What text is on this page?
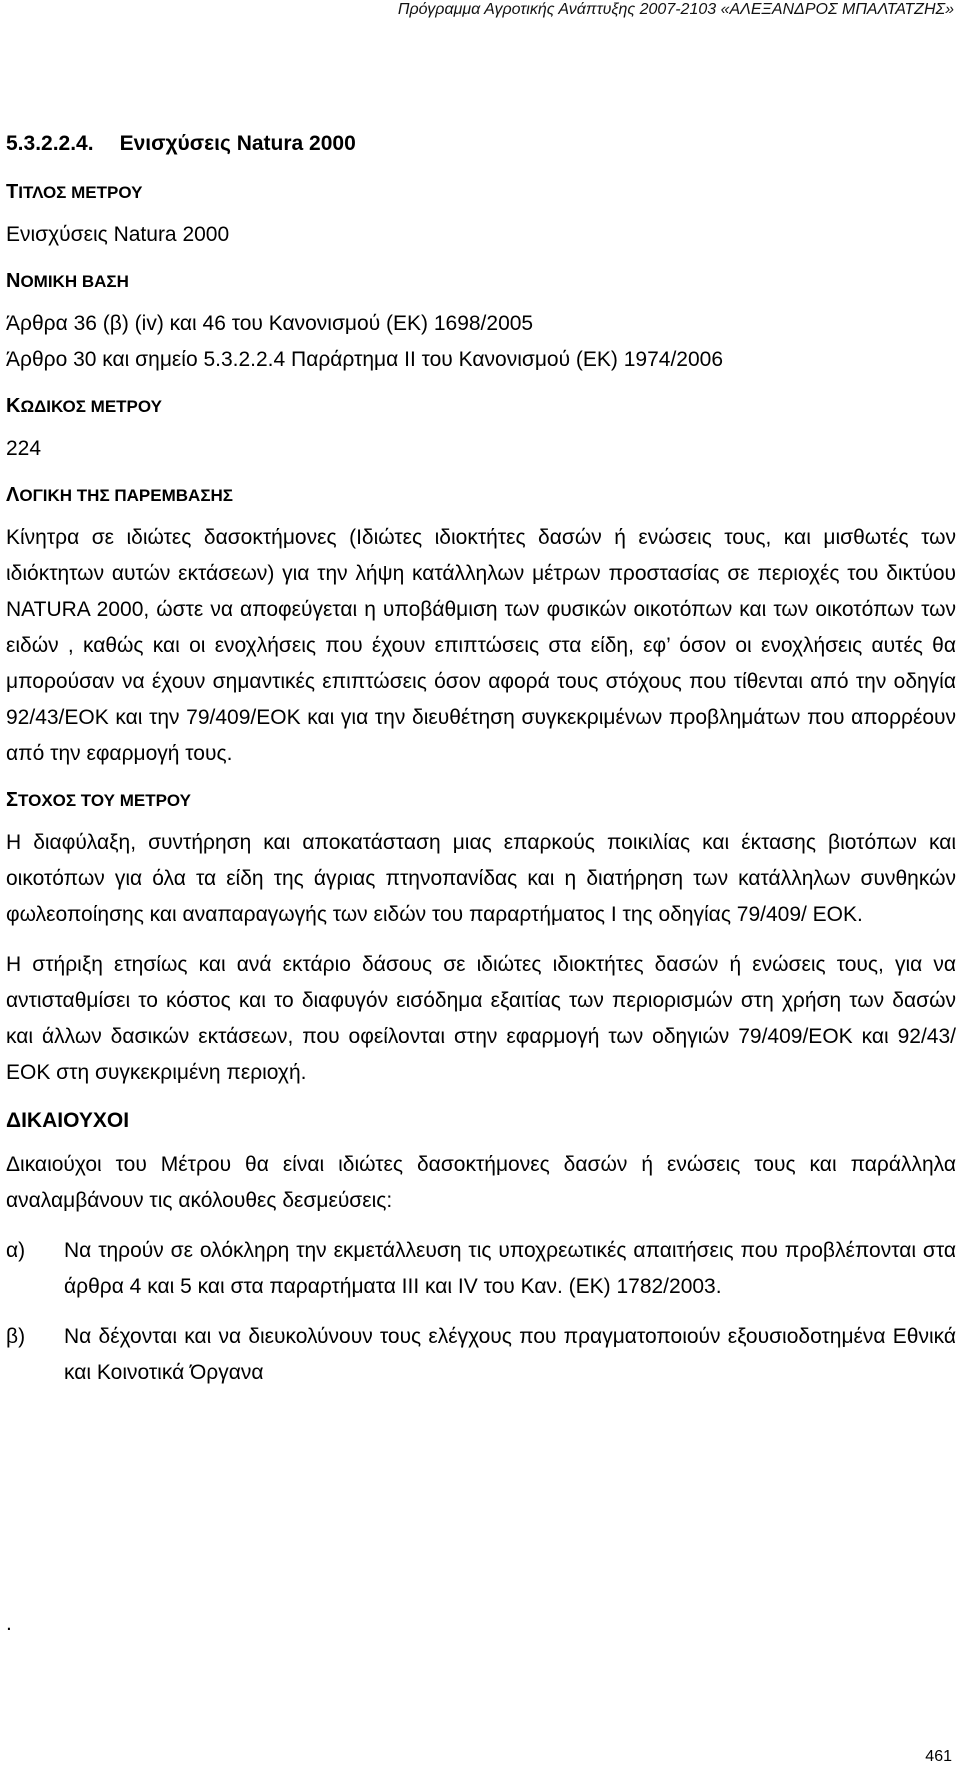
Πρόγραμμα Αγροτικής Ανάπτυξης 2007-2103 «ΑΛΕΞΑΝΔΡΟΣ ΜΠΑΛΤΑΤΖΗΣ»
5.3.2.2.4. Ενισχύσεις Natura 2000
ΤΙΤΛΟΣ ΜΕΤΡΟΥ
Ενισχύσεις Natura 2000
ΝΟΜΙΚΗ ΒΑΣΗ
Άρθρα 36 (β) (iv) και 46 του Κανονισμού (ΕΚ) 1698/2005
Άρθρο 30 και σημείο 5.3.2.2.4 Παράρτημα ΙΙ του Κανονισμού (ΕΚ) 1974/2006
ΚΩΔΙΚΟΣ ΜΕΤΡΟΥ
224
ΛΟΓΙΚΗ ΤΗΣ ΠΑΡΕΜΒΑΣΗΣ
Κίνητρα σε ιδιώτες δασοκτήμονες (Ιδιώτες ιδιοκτήτες δασών ή ενώσεις τους, και μισθωτές των ιδιόκτητων αυτών εκτάσεων) για την λήψη κατάλληλων μέτρων προστασίας σε περιοχές του δικτύου NATURA 2000, ώστε να αποφεύγεται η υποβάθμιση των φυσικών οικοτόπων και των οικοτόπων των ειδών , καθώς και οι ενοχλήσεις που έχουν επιπτώσεις στα είδη, εφ’ όσον οι ενοχλήσεις αυτές θα μπορούσαν να έχουν σημαντικές επιπτώσεις όσον αφορά τους στόχους που τίθενται από την οδηγία 92/43/ΕΟΚ και την 79/409/ΕΟΚ και για την διευθέτηση συγκεκριμένων προβλημάτων που απορρέουν από την εφαρμογή τους.
ΣΤΟΧΟΣ ΤΟΥ ΜΕΤΡΟΥ
Η διαφύλαξη, συντήρηση και αποκατάσταση μιας επαρκούς ποικιλίας και έκτασης βιοτόπων και οικοτόπων για όλα τα είδη της άγριας πτηνοπανίδας και η διατήρηση των κατάλληλων συνθηκών φωλεοποίησης και αναπαραγωγής των ειδών του παραρτήματος Ι της οδηγίας 79/409/ ΕΟΚ.
Η στήριξη ετησίως και ανά εκτάριο δάσους σε ιδιώτες ιδιοκτήτες δασών ή ενώσεις τους, για να αντισταθμίσει το κόστος και το διαφυγόν εισόδημα εξαιτίας των περιορισμών στη χρήση των δασών και άλλων δασικών εκτάσεων, που οφείλονται στην εφαρμογή των οδηγιών 79/409/ΕΟΚ και 92/43/ΕΟΚ στη συγκεκριμένη περιοχή.
ΔΙΚΑΙΟΥΧΟΙ
Δικαιούχοι του Μέτρου θα είναι ιδιώτες δασοκτήμονες δασών ή ενώσεις τους και παράλληλα αναλαμβάνουν τις ακόλουθες δεσμεύσεις:
α)	Να τηρούν σε ολόκληρη την εκμετάλλευση τις υποχρεωτικές απαιτήσεις που προβλέπονται στα άρθρα 4 και 5 και στα παραρτήματα ΙΙΙ και ΙV του Καν. (ΕΚ) 1782/2003.
β)	Να δέχονται και να διευκολύνουν τους ελέγχους που πραγματοποιούν εξουσιοδοτημένα Εθνικά και Κοινοτικά Όργανα
.
461
